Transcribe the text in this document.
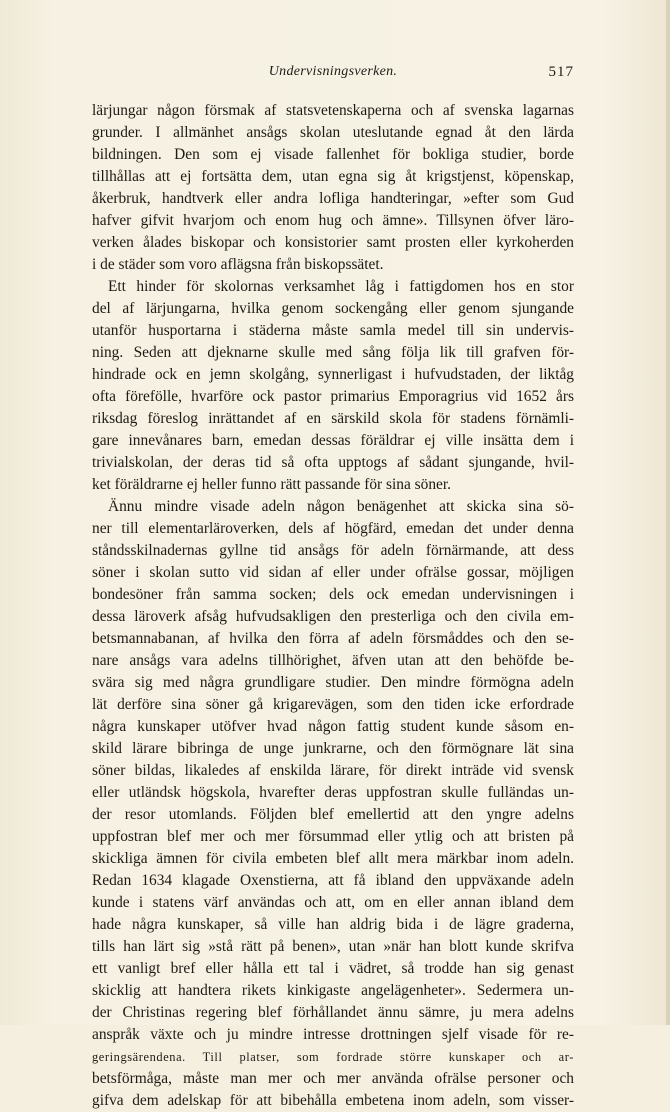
Undervisningsverken.	517
lärjungar någon försmak af statsvetenskaperna och af svenska lagarnas
grunder. I allmänhet ansågs skolan uteslutande egnad åt den lärda
bildningen. Den som ej visade fallenhet för bokliga studier, borde
tillhållas att ej fortsätta dem, utan egna sig åt krigstjenst, köpenskap,
åkerbruk, handtverk eller andra lofliga handteringar, »efter som Gud
hafver gifvit hvarjom och enom hug och ämne». Tillsynen öfver läro-
verken ålades biskopar och konsistorier samt prosten eller kyrkoherden
i de städer som voro aflägsna från biskopssätet.
Ett hinder för skolornas verksamhet låg i fattigdomen hos en stor
del af lärjungarna, hvilka genom sockengång eller genom sjungande
utanför husportarna i städerna måste samla medel till sin undervis-
ning. Seden att djeknarne skulle med sång följa lik till grafven för-
hindrade ock en jemn skolgång, synnerligast i hufvudstaden, der liktåg
ofta förefölle, hvarföre ock pastor primarius Emporagrius vid 1652 års
riksdag föreslog inrättandet af en särskild skola för stadens förnämli-
gare innevånares barn, emedan dessas föräldrar ej ville insätta dem i
trivialskolan, der deras tid så ofta upptogs af sådant sjungande, hvil-
ket föräldrarne ej heller funno rätt passande för sina söner.
Ännu mindre visade adeln någon benägenhet att skicka sina sö-
ner till elementarläroverken, dels af högfärd, emedan det under denna
ståndsskilnadernas gyllne tid ansågs för adeln förnärmande, att dess
söner i skolan sutto vid sidan af eller under ofrälse gossar, möjligen
bondesöner från samma socken; dels ock emedan undervisningen i
dessa läroverk afsåg hufvudsakligen den presterliga och den civila em-
betsmannabanan, af hvilka den förra af adeln försmåddes och den se-
nare ansågs vara adelns tillhörighet, äfven utan att den behöfde be-
svära sig med några grundligare studier. Den mindre förmögna adeln
lät derföre sina söner gå krigarevägen, som den tiden icke erfordrade
några kunskaper utöfver hvad någon fattig student kunde såsom en-
skild lärare bibringa de unge junkrarne, och den förmögnare lät sina
söner bildas, likaledes af enskilda lärare, för direkt inträde vid svensk
eller utländsk högskola, hvarefter deras uppfostran skulle fulländas un-
der resor utomlands. Följden blef emellertid att den yngre adelns
uppfostran blef mer och mer försummad eller ytlig och att bristen på
skickliga ämnen för civila embeten blef allt mera märkbar inom adeln.
Redan 1634 klagade Oxenstierna, att få ibland den uppväxande adeln
kunde i statens värf användas och att, om en eller annan ibland dem
hade några kunskaper, så ville han aldrig bida i de lägre graderna,
tills han lärt sig »stå rätt på benen», utan »när han blott kunde skrifva
ett vanligt bref eller hålla ett tal i vädret, så trodde han sig genast
skicklig att handtera rikets kinkigaste angelägenheter». Sedermera un-
der Christinas regering blef förhållandet ännu sämre, ju mera adelns
anspråk växte och ju mindre intresse drottningen sjelf visade för re-
geringsärendena. Till platser, som fordrade större kunskaper och ar-
betsförmåga, måste man mer och mer använda ofrälse personer och
gifva dem adelskap för att bibehålla embetena inom adeln, som visser-
